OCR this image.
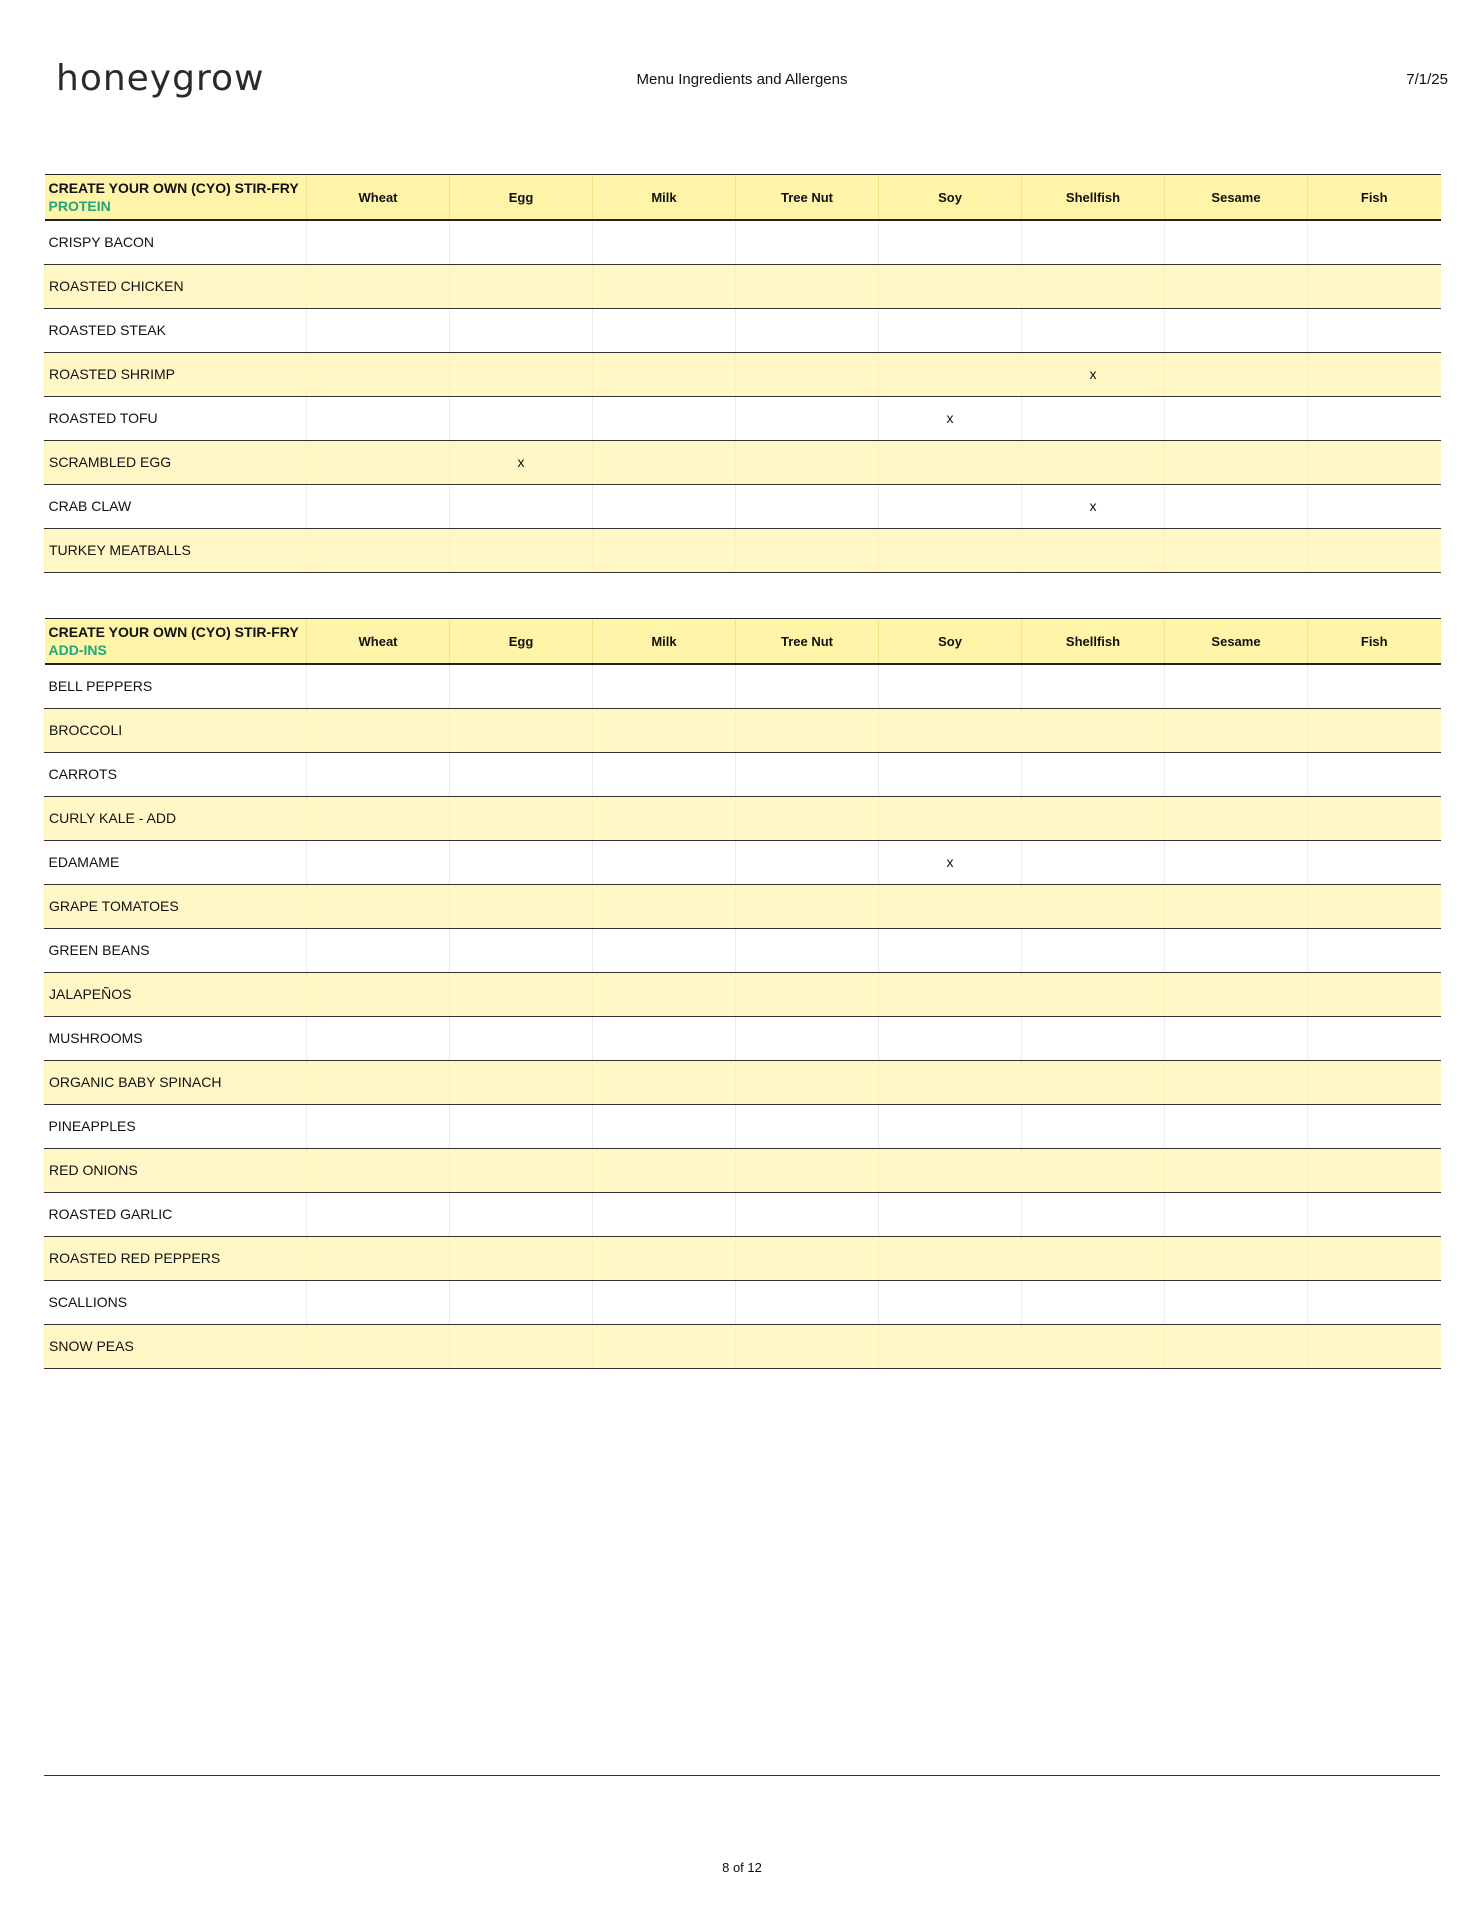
honeygrow	Menu Ingredients and Allergens	7/1/25
CREATE YOUR OWN (CYO) STIR-FRY
PROTEIN	Wheat	Egg	Milk	Tree Nut	Soy	Shellfish	Sesame	Fish
CRISPY BACON								
ROASTED CHICKEN								
ROASTED STEAK								
ROASTED SHRIMP						x		
ROASTED TOFU					x			
SCRAMBLED EGG		x						
CRAB CLAW						x		
TURKEY MEATBALLS								
CREATE YOUR OWN (CYO) STIR-FRY
ADD-INS	Wheat	Egg	Milk	Tree Nut	Soy	Shellfish	Sesame	Fish
BELL PEPPERS								
BROCCOLI								
CARROTS								
CURLY KALE - ADD								
EDAMAME					x			
GRAPE TOMATOES								
GREEN BEANS								
JALAPEÑOS								
MUSHROOMS								
ORGANIC BABY SPINACH								
PINEAPPLES								
RED ONIONS								
ROASTED GARLIC								
ROASTED RED PEPPERS								
SCALLIONS								
SNOW PEAS								
8 of 12
